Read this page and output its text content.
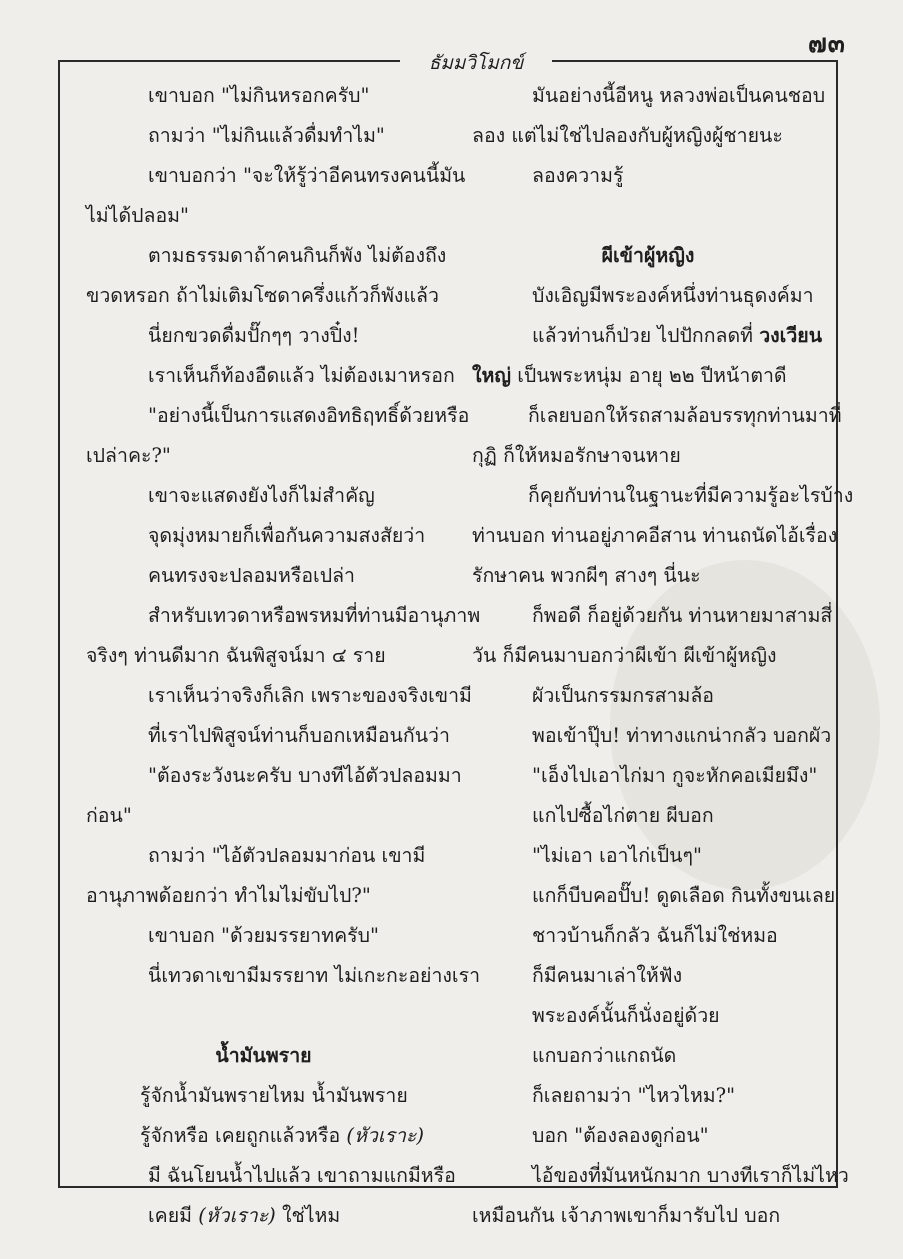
๗๓
ธัมมวิโมกข์
เขาบอก "ไม่กินหรอกครับ"
ถามว่า "ไม่กินแล้วดื่มทำไม"
เขาบอกว่า "จะให้รู้ว่าอีคนทรงคนนี้มัน
ไม่ได้ปลอม"
ตามธรรมดาถ้าคนกินก็พัง ไม่ต้องถึง
ขวดหรอก ถ้าไม่เติมโซดาครึ่งแก้วก็พังแล้ว
นี่ยกขวดดื่มปั๊กๆๆ วางปิ๋ง!
เราเห็นก็ท้องอืดแล้ว ไม่ต้องเมาหรอก
"อย่างนี้เป็นการแสดงอิทธิฤทธิ์ด้วยหรือ
เปล่าคะ?"
เขาจะแสดงยังไงก็ไม่สำคัญ
จุดมุ่งหมายก็เพื่อกันความสงสัยว่า
คนทรงจะปลอมหรือเปล่า
สำหรับเทวดาหรือพรหมที่ท่านมีอานุภาพ
จริงๆ ท่านดีมาก ฉันพิสูจน์มา ๔ ราย
เราเห็นว่าจริงก็เลิก เพราะของจริงเขามี
ที่เราไปพิสูจน์ท่านก็บอกเหมือนกันว่า
"ต้องระวังนะครับ บางทีไอ้ตัวปลอมมา
ก่อน"
ถามว่า "ไอ้ตัวปลอมมาก่อน เขามี
อานุภาพด้อยกว่า ทำไมไม่ขับไป?"
เขาบอก "ด้วยมรรยาทครับ"
นี่เทวดาเขามีมรรยาท ไม่เกะกะอย่างเรา
น้ำมันพราย
รู้จักน้ำมันพรายไหม น้ำมันพราย
รู้จักหรือ เคยถูกแล้วหรือ (หัวเราะ)
มี ฉันโยนน้ำไปแล้ว เขาถามแกมีหรือ
เคยมี (หัวเราะ) ใช่ไหม
มันอย่างนี้อีหนู หลวงพ่อเป็นคนชอบ
ลอง แต่ไม่ใช่ไปลองกับผู้หญิงผู้ชายนะ
ลองความรู้
ผีเข้าผู้หญิง
บังเอิญมีพระองค์หนึ่งท่านธุดงค์มา
แล้วท่านก็ป่วย ไปปักกลดที่ วงเวียน
ใหญ่ เป็นพระหนุ่ม อายุ ๒๒ ปีหน้าตาดี
ก็เลยบอกให้รถสามล้อบรรทุกท่านมาที่
กุฏิ ก็ให้หมอรักษาจนหาย
ก็คุยกับท่านในฐานะที่มีความรู้อะไรบ้าง
ท่านบอก ท่านอยู่ภาคอีสาน ท่านถนัดไอ้เรื่อง
รักษาคน พวกผีๆ สางๆ นี่นะ
ก็พอดี ก็อยู่ด้วยกัน ท่านหายมาสามสี่
วัน ก็มีคนมาบอกว่าผีเข้า ผีเข้าผู้หญิง
ผัวเป็นกรรมกรสามล้อ
พอเข้าปุ๊บ! ท่าทางแกน่ากลัว บอกผัว
"เอ็งไปเอาไก่มา กูจะหักคอเมียมึง"
แกไปซื้อไก่ตาย ผีบอก
"ไม่เอา เอาไก่เป็นๆ"
แกก็บีบคอปั๊บ! ดูดเลือด กินทั้งขนเลย
ชาวบ้านก็กลัว ฉันก็ไม่ใช่หมอ
ก็มีคนมาเล่าให้ฟัง
พระองค์นั้นก็นั่งอยู่ด้วย
แกบอกว่าแกถนัด
ก็เลยถามว่า "ไหวไหม?"
บอก "ต้องลองดูก่อน"
ไอ้ของที่มันหนักมาก บางทีเราก็ไม่ไหว
เหมือนกัน เจ้าภาพเขาก็มารับไป บอก
